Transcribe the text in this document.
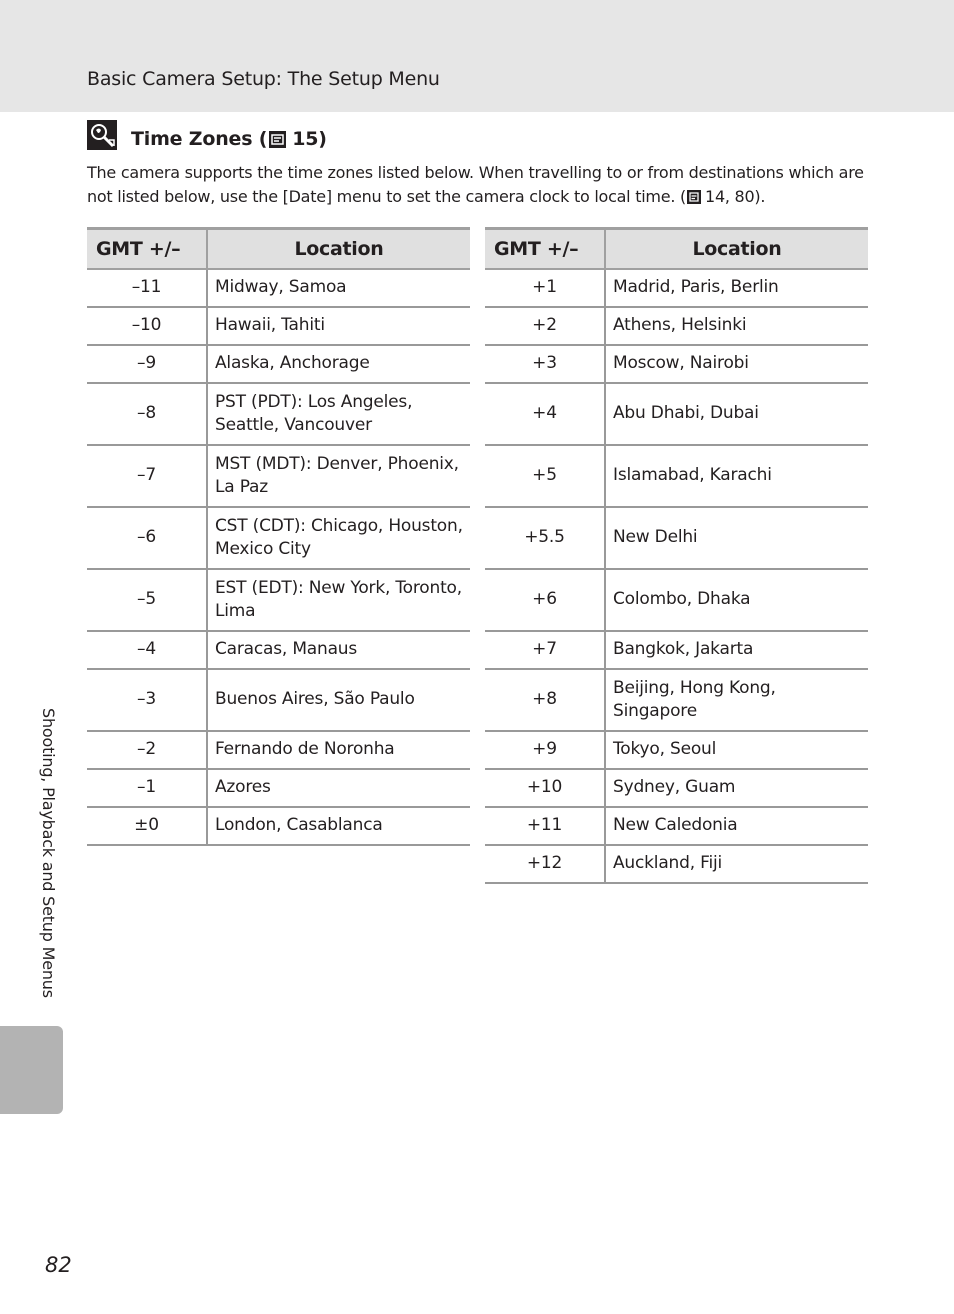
Basic Camera Setup: The Setup Menu
Time Zones ( 15)
The camera supports the time zones listed below. When travelling to or from destinations which are not listed below, use the [Date] menu to set the camera clock to local time. ( 14, 80).
GMT +/–	Location
–11	Midway, Samoa
–10	Hawaii, Tahiti
–9	Alaska, Anchorage
–8	PST (PDT): Los Angeles, Seattle, Vancouver
–7	MST (MDT): Denver, Phoenix, La Paz
–6	CST (CDT): Chicago, Houston, Mexico City
–5	EST (EDT): New York, Toronto, Lima
–4	Caracas, Manaus
–3	Buenos Aires, São Paulo
–2	Fernando de Noronha
–1	Azores
±0	London, Casablanca
GMT +/–	Location
+1	Madrid, Paris, Berlin
+2	Athens, Helsinki
+3	Moscow, Nairobi
+4	Abu Dhabi, Dubai
+5	Islamabad, Karachi
+5.5	New Delhi
+6	Colombo, Dhaka
+7	Bangkok, Jakarta
+8	Beijing, Hong Kong, Singapore
+9	Tokyo, Seoul
+10	Sydney, Guam
+11	New Caledonia
+12	Auckland, Fiji
Shooting, Playback and Setup Menus
82
